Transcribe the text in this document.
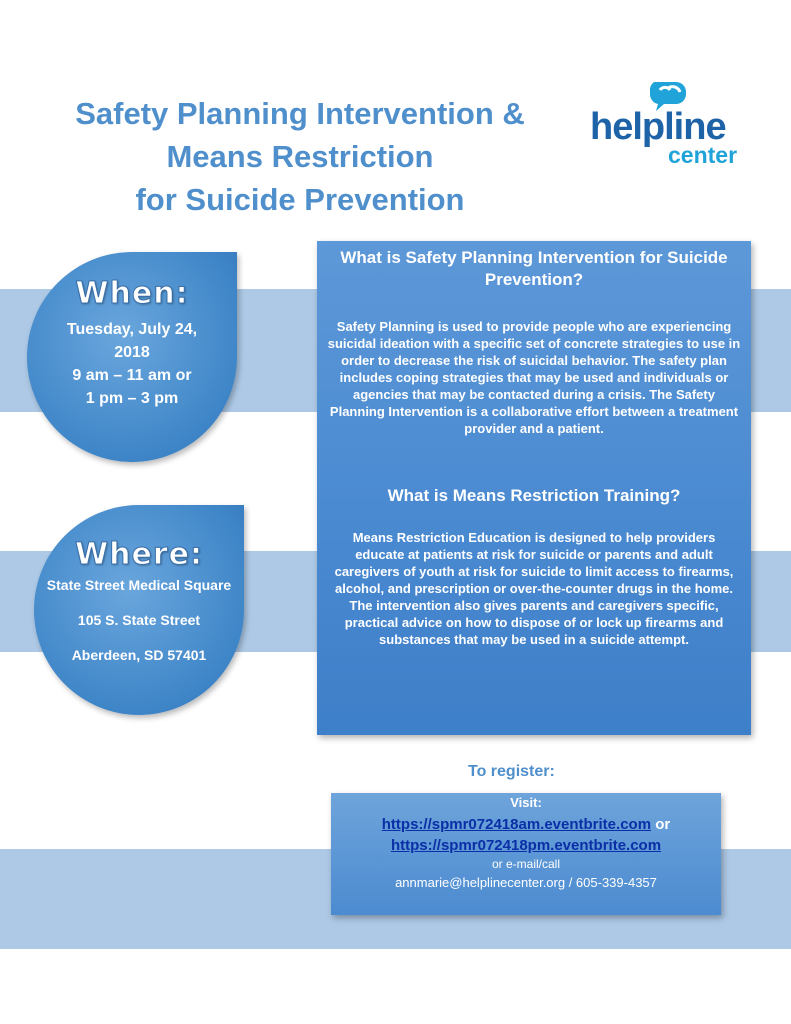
Safety Planning Intervention &
Means Restriction
for Suicide Prevention
helpline
center
When:
Tuesday, July 24,
2018
9 am – 11 am or
1 pm – 3 pm
Where:
State Street Medical Square
105 S. State Street
Aberdeen, SD 57401
What is Safety Planning Intervention for Suicide Prevention?
Safety Planning is used to provide people who are experiencing suicidal ideation with a specific set of concrete strategies to use in order to decrease the risk of suicidal behavior. The safety plan includes coping strategies that may be used and individuals or agencies that may be contacted during a crisis. The Safety Planning Intervention is a collaborative effort between a treatment provider and a patient.
What is Means Restriction Training?
Means Restriction Education is designed to help providers educate at patients at risk for suicide or parents and adult caregivers of youth at risk for suicide to limit access to firearms, alcohol, and prescription or over-the-counter drugs in the home. The intervention also gives parents and caregivers specific, practical advice on how to dispose of or lock up firearms and substances that may be used in a suicide attempt.
To register:
Visit:
https://spmr072418am.eventbrite.com or
https://spmr072418pm.eventbrite.com
or e-mail/call
annmarie@helplinecenter.org / 605-339-4357
